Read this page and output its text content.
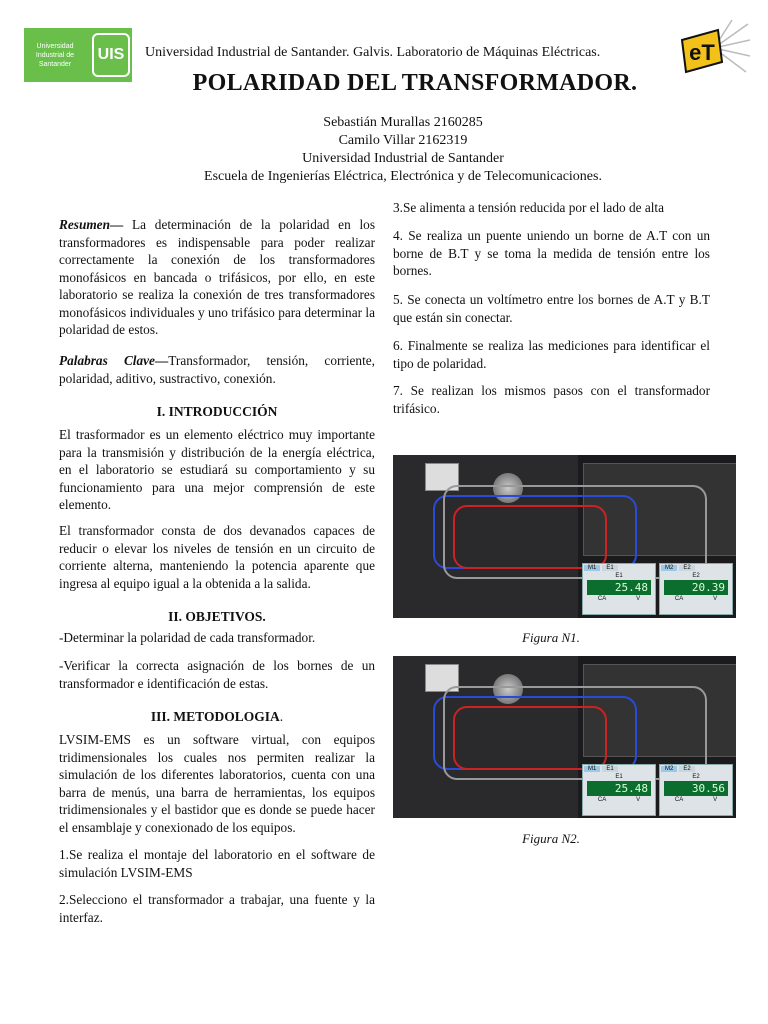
Universidad Industrial de Santander
UIS	eT
Universidad Industrial de Santander. Galvis. Laboratorio de Máquinas Eléctricas.
POLARIDAD DEL TRANSFORMADOR.
Sebastián Murallas 2160285
Camilo Villar 2162319
Universidad Industrial de Santander
Escuela de Ingenierías Eléctrica, Electrónica y de Telecomunicaciones.

Resumen— La determinación de la polaridad en los transformadores es indispensable para poder realizar correctamente la conexión de los transformadores monofásicos en bancada o trifásicos, por ello, en este laboratorio se realiza la conexión de tres transformadores monofásicos individuales y uno trifásico para determinar la polaridad de estos.

Palabras Clave—Transformador, tensión, corriente, polaridad, aditivo, sustractivo, conexión.

I. INTRODUCCIÓN
El trasformador es un elemento eléctrico muy importante para la transmisión y distribución de la energía eléctrica, en el laboratorio se estudiará su comportamiento y su funcionamiento para una mejor comprensión de este elemento.
El transformador consta de dos devanados capaces de reducir o elevar los niveles de tensión en un circuito de corriente alterna, manteniendo la potencia aparente que ingresa al equipo igual a la obtenida a la salida.
II. OBJETIVOS.
-Determinar la polaridad de cada transformador.
-Verificar la correcta asignación de los bornes de un transformador e identificación de estas.
III. METODOLOGIA.
LVSIM-EMS es un software virtual, con equipos tridimensionales los cuales nos permiten realizar la simulación de los diferentes laboratorios, cuenta con una barra de menús, una barra de herramientas, los equipos tridimensionales y el bastidor que es donde se puede hacer el ensamblaje y conexionado de los equipos.
1.Se realiza el montaje del laboratorio en el software de simulación LVSIM-EMS
2.Selecciono el transformador a trabajar, una fuente y la interfaz.
3.Se alimenta a tensión reducida por el lado de alta
4. Se realiza un puente uniendo un borne de A.T con un borne de B.T y se toma la medida de tensión entre los bornes.
5. Se conecta un voltímetro entre los bornes de A.T y B.T que están sin conectar.
6. Finalmente se realiza las mediciones para identificar el tipo de polaridad.
7. Se realizan los mismos pasos con el transformador trifásico.
M1	E1
E1
25.48
CA	V
M2	E2
E2
20.39
CA	V
Figura N1.
M1	E1
E1
25.48
CA	V
M2	E2
E2
30.56
CA	V
Figura N2.
